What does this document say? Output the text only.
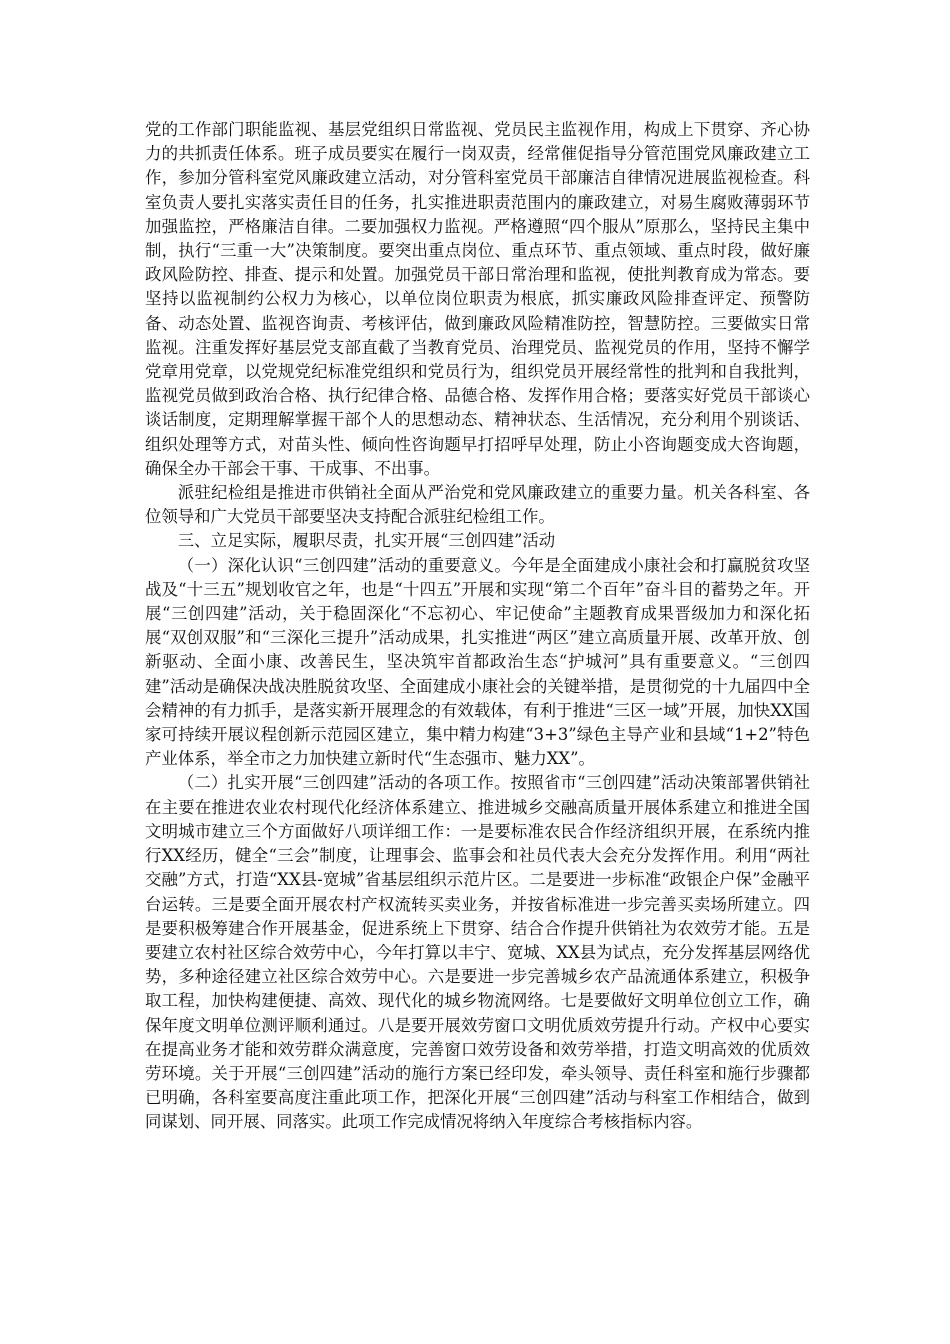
党的工作部门职能监视、基层党组织日常监视、党员民主监视作用，构成上下贯穿、齐心协力的共抓责任体系。班子成员要实在履行一岗双责，经常催促指导分管范围党风廉政建立工作，参加分管科室党风廉政建立活动，对分管科室党员干部廉洁自律情况进展监视检查。科室负责人要扎实落实责任目的任务，扎实推进职责范围内的廉政建立，对易生腐败薄弱环节加强监控，严格廉洁自律。二要加强权力监视。严格遵照“四个服从”原那么，坚持民主集中制，执行“三重一大”决策制度。要突出重点岗位、重点环节、重点领域、重点时段，做好廉政风险防控、排查、提示和处置。加强党员干部日常治理和监视，使批判教育成为常态。要坚持以监视制约公权力为核心，以单位岗位职责为根底，抓实廉政风险排查评定、预警防备、动态处置、监视咨询责、考核评估，做到廉政风险精准防控，智慧防控。三要做实日常监视。注重发挥好基层党支部直截了当教育党员、治理党员、监视党员的作用，坚持不懈学党章用党章，以党规党纪标准党组织和党员行为，组织党员开展经常性的批判和自我批判，监视党员做到政治合格、执行纪律合格、品德合格、发挥作用合格；要落实好党员干部谈心谈话制度，定期理解掌握干部个人的思想动态、精神状态、生活情况，充分利用个别谈话、组织处理等方式，对苗头性、倾向性咨询题早打招呼早处理，防止小咨询题变成大咨询题，确保全办干部会干事、干成事、不出事。

派驻纪检组是推进市供销社全面从严治党和党风廉政建立的重要力量。机关各科室、各位领导和广大党员干部要坚决支持配合派驻纪检组工作。

三、立足实际，履职尽责，扎实开展“三创四建”活动

（一）深化认识“三创四建”活动的重要意义。今年是全面建成小康社会和打赢脱贫攻坚战及“十三五”规划收官之年，也是“十四五”开展和实现“第二个百年”奋斗目的蓄势之年。开展“三创四建”活动，关于稳固深化“不忘初心、牢记使命”主题教育成果晋级加力和深化拓展“双创双服”和“三深化三提升”活动成果，扎实推进“两区”建立高质量开展、改革开放、创新驱动、全面小康、改善民生，坚决筑牢首都政治生态“护城河”具有重要意义。“三创四建”活动是确保决战决胜脱贫攻坚、全面建成小康社会的关键举措，是贯彻党的十九届四中全会精神的有力抓手，是落实新开展理念的有效载体，有利于推进“三区一域”开展，加快XX国家可持续开展议程创新示范园区建立，集中精力构建“3+3”绿色主导产业和县域“1+2”特色产业体系，举全市之力加快建立新时代“生态强市、魅力XX”。

（二）扎实开展“三创四建”活动的各项工作。按照省市“三创四建”活动决策部署供销社在主要在推进农业农村现代化经济体系建立、推进城乡交融高质量开展体系建立和推进全国文明城市建立三个方面做好八项详细工作：一是要标准农民合作经济组织开展，在系统内推行XX经历，健全“三会”制度，让理事会、监事会和社员代表大会充分发挥作用。利用“两社交融”方式，打造“XX县-宽城”省基层组织示范片区。二是要进一步标准“政银企户保”金融平台运转。三是要全面开展农村产权流转买卖业务，并按省标准进一步完善买卖场所建立。四是要积极筹建合作开展基金，促进系统上下贯穿、结合合作提升供销社为农效劳才能。五是要建立农村社区综合效劳中心，今年打算以丰宁、宽城、XX县为试点，充分发挥基层网络优势，多种途径建立社区综合效劳中心。六是要进一步完善城乡农产品流通体系建立，积极争取工程，加快构建便捷、高效、现代化的城乡物流网络。七是要做好文明单位创立工作，确保年度文明单位测评顺利通过。八是要开展效劳窗口文明优质效劳提升行动。产权中心要实在提高业务才能和效劳群众满意度，完善窗口效劳设备和效劳举措，打造文明高效的优质效劳环境。关于开展“三创四建”活动的施行方案已经印发，牵头领导、责任科室和施行步骤都已明确，各科室要高度注重此项工作，把深化开展“三创四建”活动与科室工作相结合，做到同谋划、同开展、同落实。此项工作完成情况将纳入年度综合考核指标内容。
